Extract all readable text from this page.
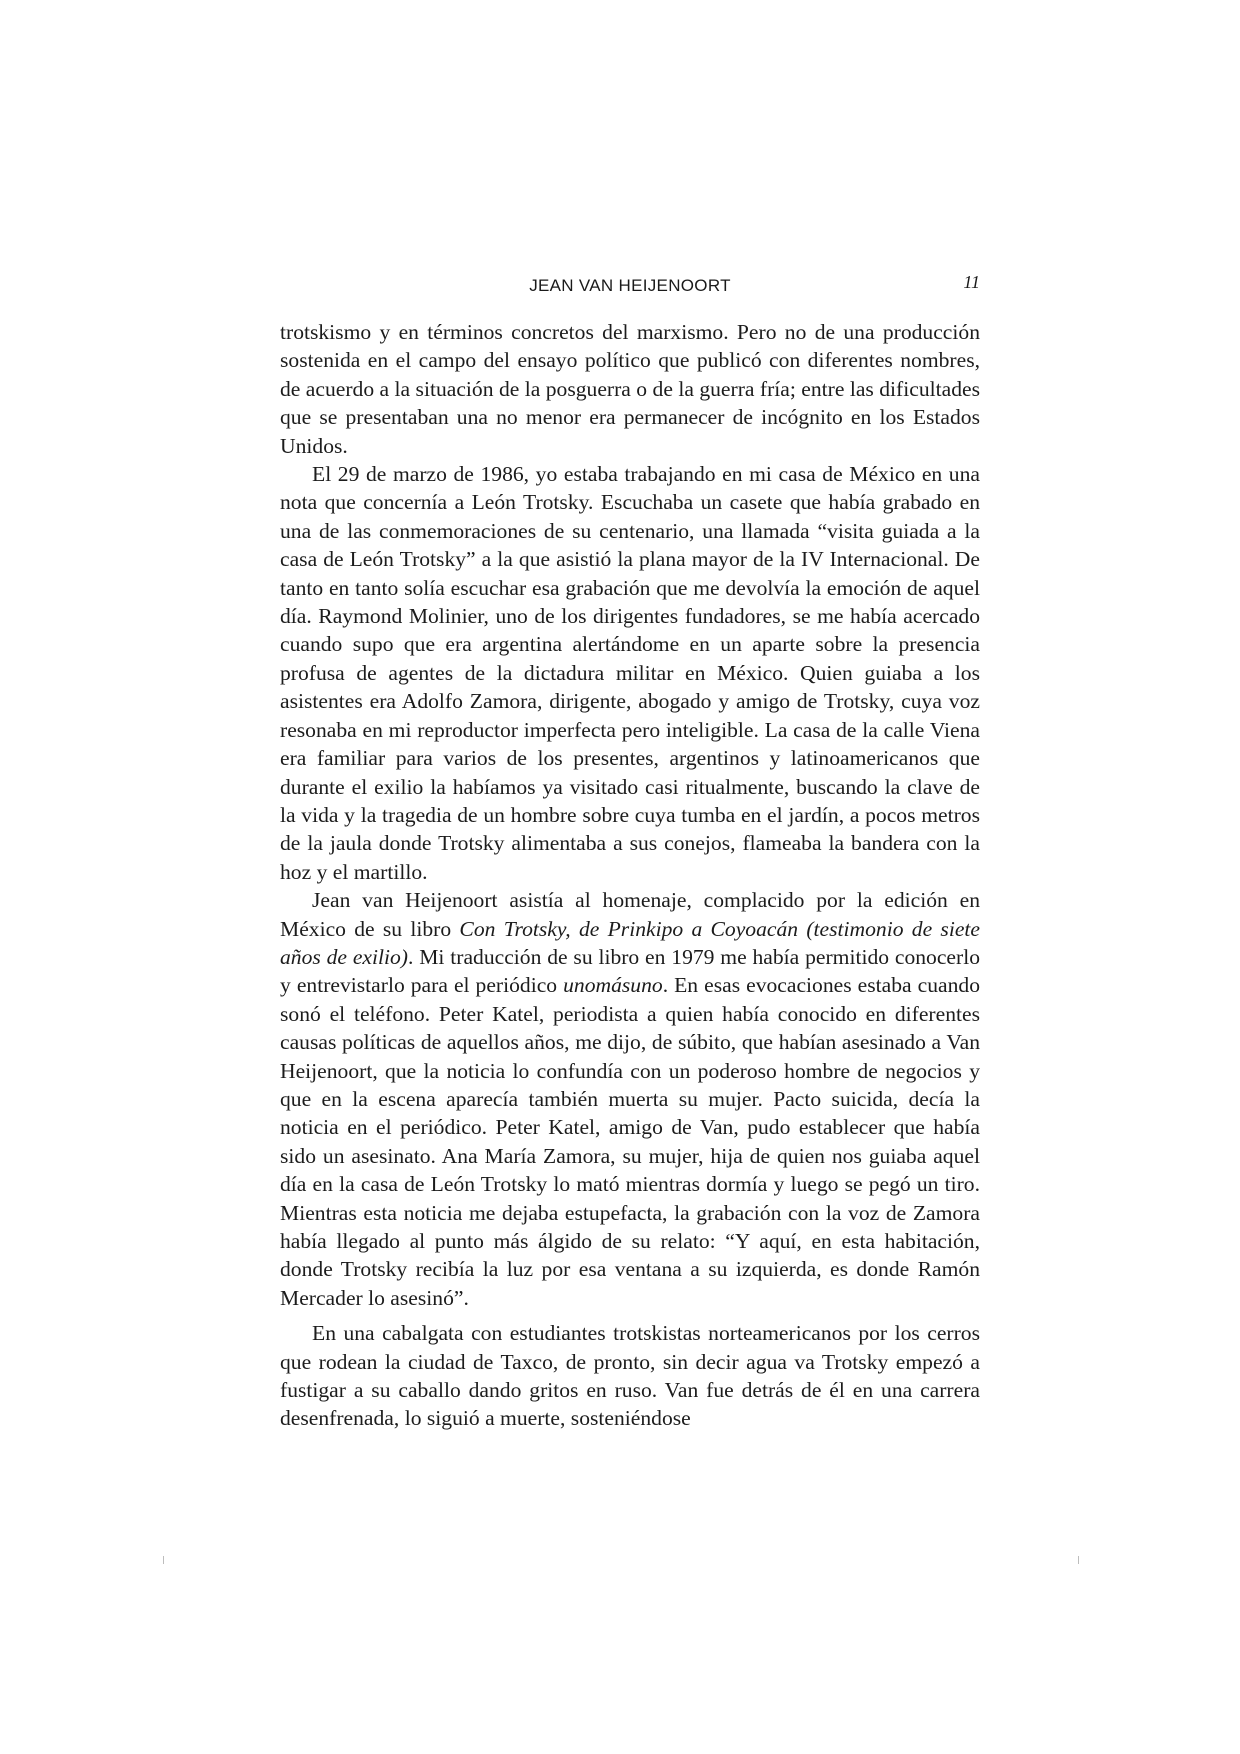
JEAN VAN HEIJENOORT	11

trotskismo y en términos concretos del marxismo. Pero no de una producción sostenida en el campo del ensayo político que publicó con diferentes nombres, de acuerdo a la situación de la posguerra o de la guerra fría; entre las dificultades que se presentaban una no menor era permanecer de incógnito en los Estados Unidos.

El 29 de marzo de 1986, yo estaba trabajando en mi casa de México en una nota que concernía a León Trotsky. Escuchaba un casete que había grabado en una de las conmemoraciones de su centenario, una llamada “visita guiada a la casa de León Trotsky” a la que asistió la plana mayor de la IV Internacional. De tanto en tanto solía escuchar esa grabación que me devolvía la emoción de aquel día. Raymond Molinier, uno de los dirigentes fundadores, se me había acercado cuando supo que era argentina alertándome en un aparte sobre la presencia profusa de agentes de la dictadura militar en México. Quien guiaba a los asistentes era Adolfo Zamora, dirigente, abogado y amigo de Trotsky, cuya voz resonaba en mi reproductor imperfecta pero inteligible. La casa de la calle Viena era familiar para varios de los presentes, argentinos y latinoamericanos que durante el exilio la habíamos ya visitado casi ritualmente, buscando la clave de la vida y la tragedia de un hombre sobre cuya tumba en el jardín, a pocos metros de la jaula donde Trotsky alimentaba a sus conejos, flameaba la bandera con la hoz y el martillo.

Jean van Heijenoort asistía al homenaje, complacido por la edición en México de su libro Con Trotsky, de Prinkipo a Coyoacán (testimonio de siete años de exilio). Mi traducción de su libro en 1979 me había permitido conocerlo y entrevistarlo para el periódico unomásuno. En esas evocaciones estaba cuando sonó el teléfono. Peter Katel, periodista a quien había conocido en diferentes causas políticas de aquellos años, me dijo, de súbito, que habían asesinado a Van Heijenoort, que la noticia lo confundía con un poderoso hombre de negocios y que en la escena aparecía también muerta su mujer. Pacto suicida, decía la noticia en el periódico. Peter Katel, amigo de Van, pudo establecer que había sido un asesinato. Ana María Zamora, su mujer, hija de quien nos guiaba aquel día en la casa de León Trotsky lo mató mientras dormía y luego se pegó un tiro. Mientras esta noticia me dejaba estupefacta, la grabación con la voz de Zamora había llegado al punto más álgido de su relato: “Y aquí, en esta habitación, donde Trotsky recibía la luz por esa ventana a su izquierda, es donde Ramón Mercader lo asesinó”.

En una cabalgata con estudiantes trotskistas norteamericanos por los cerros que rodean la ciudad de Taxco, de pronto, sin decir agua va Trotsky empezó a fustigar a su caballo dando gritos en ruso. Van fue detrás de él en una carrera desenfrenada, lo siguió a muerte, sosteniéndose
